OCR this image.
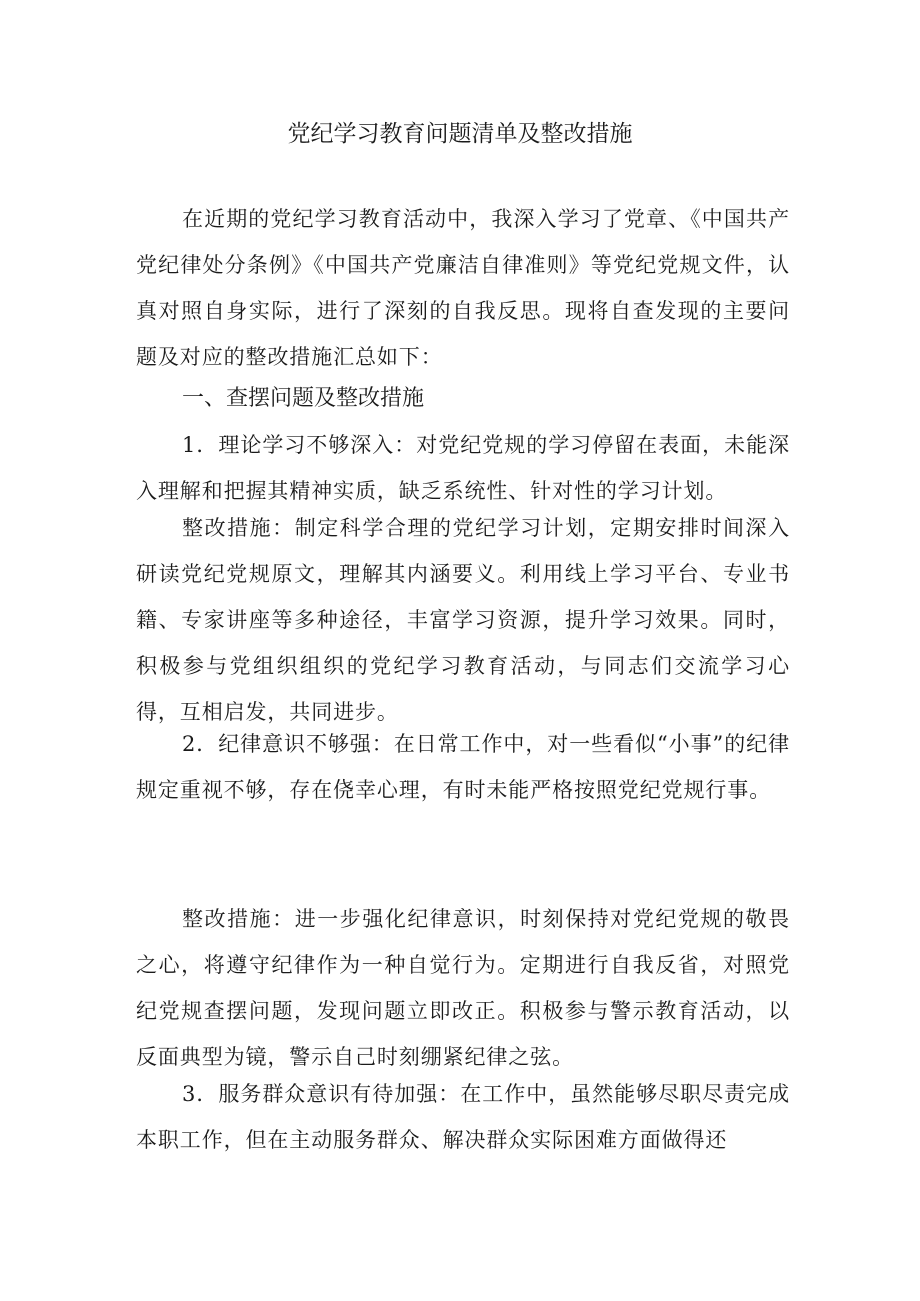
党纪学习教育问题清单及整改措施

在近期的党纪学习教育活动中，我深入学习了党章、《中国共产党纪律处分条例》《中国共产党廉洁自律准则》等党纪党规文件，认真对照自身实际，进行了深刻的自我反思。现将自查发现的主要问题及对应的整改措施汇总如下：

一、查摆问题及整改措施

1．理论学习不够深入：对党纪党规的学习停留在表面，未能深入理解和把握其精神实质，缺乏系统性、针对性的学习计划。

整改措施：制定科学合理的党纪学习计划，定期安排时间深入研读党纪党规原文，理解其内涵要义。利用线上学习平台、专业书籍、专家讲座等多种途径，丰富学习资源，提升学习效果。同时，积极参与党组织组织的党纪学习教育活动，与同志们交流学习心得，互相启发，共同进步。

2．纪律意识不够强：在日常工作中，对一些看似“小事”的纪律规定重视不够，存在侥幸心理，有时未能严格按照党纪党规行事。

整改措施：进一步强化纪律意识，时刻保持对党纪党规的敬畏之心，将遵守纪律作为一种自觉行为。定期进行自我反省，对照党纪党规查摆问题，发现问题立即改正。积极参与警示教育活动，以反面典型为镜，警示自己时刻绷紧纪律之弦。

3．服务群众意识有待加强：在工作中，虽然能够尽职尽责完成本职工作，但在主动服务群众、解决群众实际困难方面做得还
